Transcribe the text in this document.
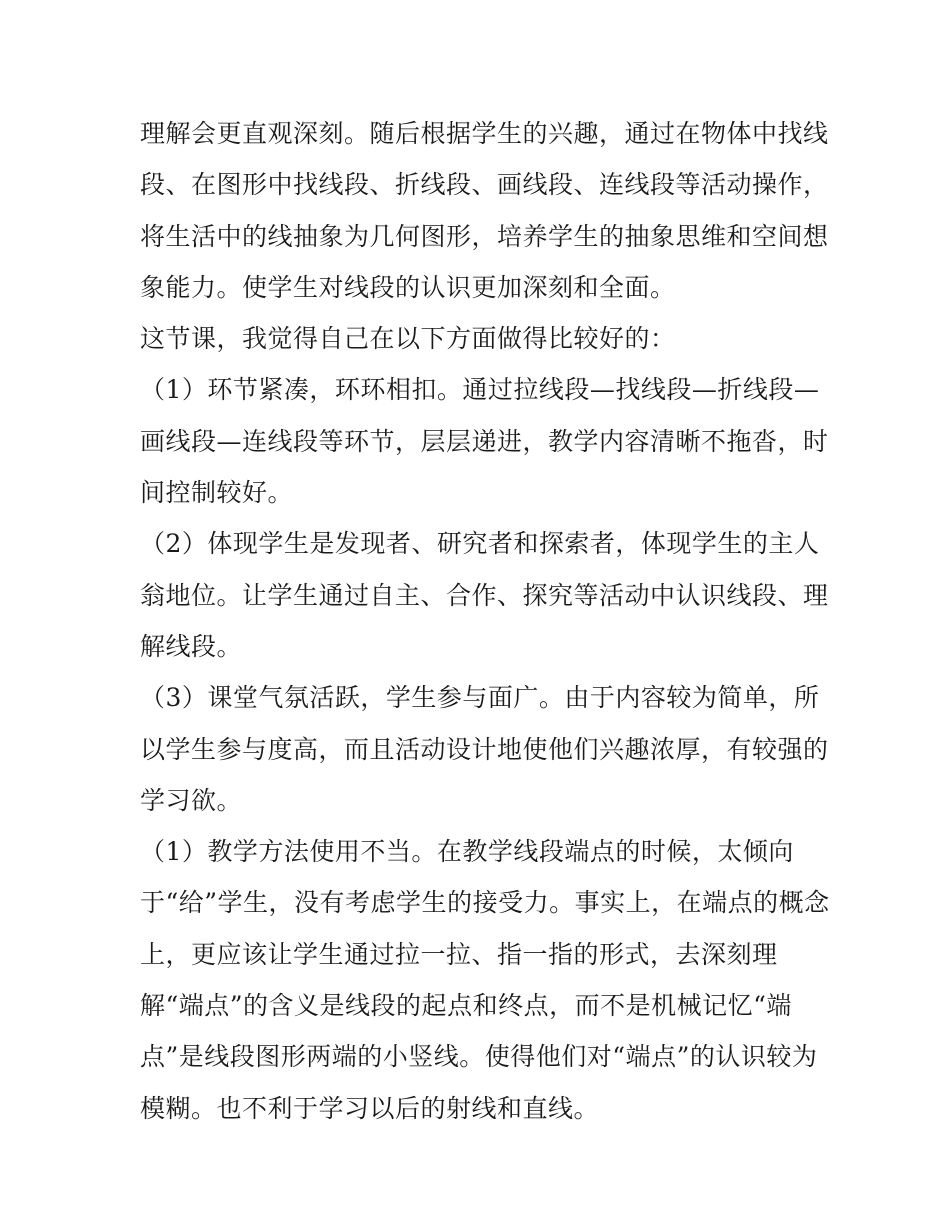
理解会更直观深刻。随后根据学生的兴趣，通过在物体中找线
段、在图形中找线段、折线段、画线段、连线段等活动操作，
将生活中的线抽象为几何图形，培养学生的抽象思维和空间想
象能力。使学生对线段的认识更加深刻和全面。
这节课，我觉得自己在以下方面做得比较好的：
（1）环节紧凑，环环相扣。通过拉线段—找线段—折线段—
画线段—连线段等环节，层层递进，教学内容清晰不拖沓，时
间控制较好。
（2）体现学生是发现者、研究者和探索者，体现学生的主人
翁地位。让学生通过自主、合作、探究等活动中认识线段、理
解线段。
（3）课堂气氛活跃，学生参与面广。由于内容较为简单，所
以学生参与度高，而且活动设计地使他们兴趣浓厚，有较强的
学习欲。
（1）教学方法使用不当。在教学线段端点的时候，太倾向
于“给”学生，没有考虑学生的接受力。事实上，在端点的概念
上，更应该让学生通过拉一拉、指一指的形式，去深刻理
解“端点”的含义是线段的起点和终点，而不是机械记忆“端
点”是线段图形两端的小竖线。使得他们对“端点”的认识较为
模糊。也不利于学习以后的射线和直线。
